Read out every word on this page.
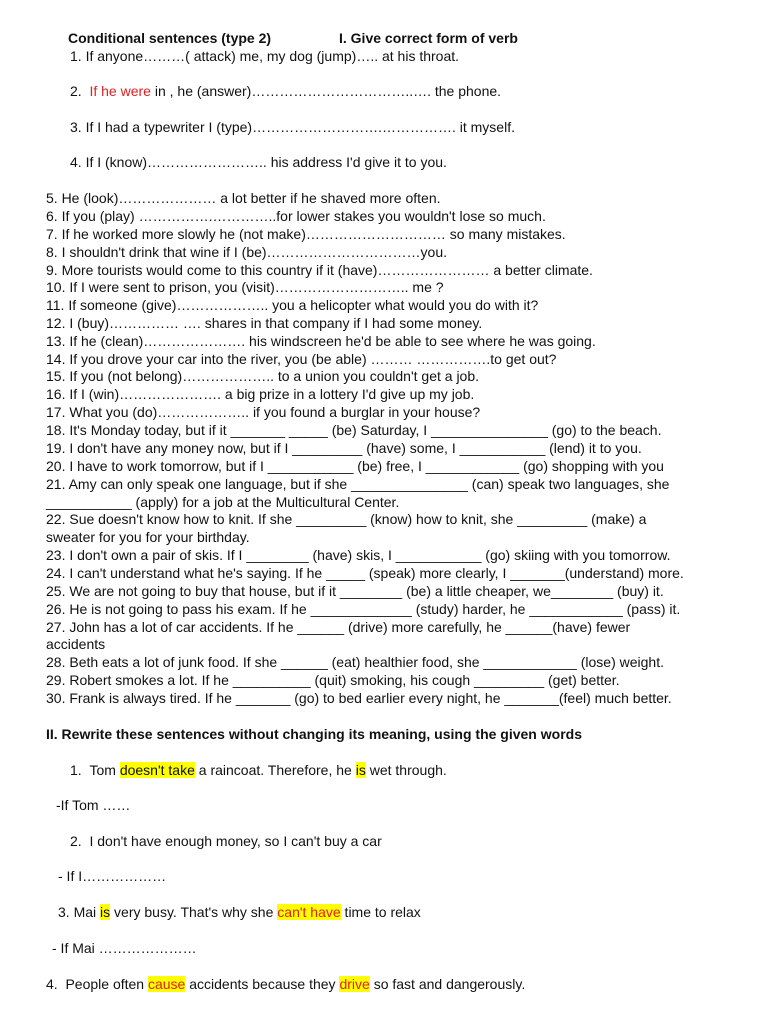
Conditional sentences (type 2)	I. Give correct form of verb
1. If anyone………( attack) me, my dog (jump)….. at his throat.
2. If he were in , he (answer)……………………………..…. the phone.
3. If I had a typewriter I (type)……………………….……………. it myself.
4. If I (know)…………………….. his address I'd give it to you.
5. He (look)………………… a lot better if he shaved more often.
6. If you (play) …………….…………..for lower stakes you wouldn't lose so much.
7. If he worked more slowly he (not make)………………………… so many mistakes.
8. I shouldn't drink that wine if I (be)……………………………you.
9. More tourists would come to this country if it (have)…………………… a better climate.
10. If I were sent to prison, you (visit)……………………….. me ?
11. If someone (give)……………….. you a helicopter what would you do with it?
12. I (buy)…………… …. shares in that company if I had some money.
13. If he (clean)…………………. his windscreen he'd be able to see where he was going.
14. If you drove your car into the river, you (be able) ……… …………….to get out?
15. If you (not belong)……………….. to a union you couldn't get a job.
16. If I (win)…………………. a big prize in a lottery I'd give up my job.
17. What you (do)……………….. if you found a burglar in your house?
18. It's Monday today, but if it _______ _____ (be) Saturday, I _______________ (go) to the beach.
19. I don't have any money now, but if I _________ (have) some, I ___________ (lend) it to you.
20. I have to work tomorrow, but if I ___________ (be) free, I ____________ (go) shopping with you
21. Amy can only speak one language, but if she _______________ (can) speak two languages, she
___________ (apply) for a job at the Multicultural Center.
22. Sue doesn't know how to knit. If she _________ (know) how to knit, she _________ (make) a
sweater for you for your birthday.
23. I don't own a pair of skis. If I ________ (have) skis, I ___________ (go) skiing with you tomorrow.
24. I can't understand what he's saying. If he _____ (speak) more clearly, I _______(understand) more.
25. We are not going to buy that house, but if it ________ (be) a little cheaper, we________ (buy) it.
26. He is not going to pass his exam. If he _____________ (study) harder, he ____________ (pass) it.
27. John has a lot of car accidents. If he ______ (drive) more carefully, he ______(have) fewer
accidents
28. Beth eats a lot of junk food. If she ______ (eat) healthier food, she ____________ (lose) weight.
29. Robert smokes a lot. If he __________ (quit) smoking, his cough _________ (get) better.
30. Frank is always tired. If he _______ (go) to bed earlier every night, he _______(feel) much better.
II. Rewrite these sentences without changing its meaning, using the given words
1. Tom doesn't take a raincoat. Therefore, he is wet through.
-If Tom ……
2. I don't have enough money, so I can't buy a car
- If I………………
3. Mai is very busy. That's why she can't have time to relax
- If Mai …………………
4. People often cause accidents because they drive so fast and dangerously.
